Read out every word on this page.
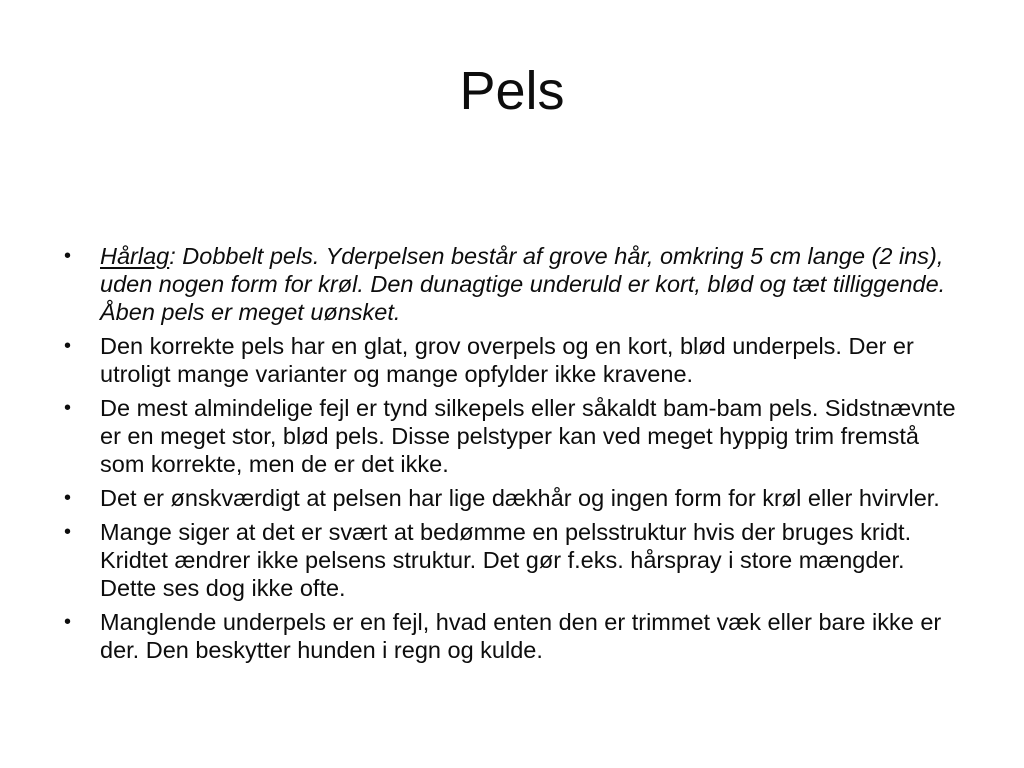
Pels
•	Hårlag: Dobbelt pels. Yderpelsen består af grove hår, omkring 5 cm lange (2 ins), uden nogen form for krøl. Den dunagtige underuld er kort, blød og tæt tilliggende. Åben pels er meget uønsket.
•	Den korrekte pels har en glat, grov overpels og en kort, blød underpels. Der er utroligt mange varianter og mange opfylder ikke kravene.
•	De mest almindelige fejl er tynd silkepels eller såkaldt bam-bam pels. Sidstnævnte er en meget stor, blød pels. Disse pelstyper kan ved meget hyppig trim fremstå som korrekte, men de er det ikke.
•	Det er ønskværdigt at pelsen har lige dækhår og ingen form for krøl eller hvirvler.
•	Mange siger at det er svært at bedømme en pelsstruktur hvis der bruges kridt. Kridtet ændrer ikke pelsens struktur. Det gør f.eks. hårspray i store mængder. Dette ses dog ikke ofte.
•	Manglende underpels er en fejl, hvad enten den er trimmet væk eller bare ikke er der. Den beskytter hunden i regn og kulde.
